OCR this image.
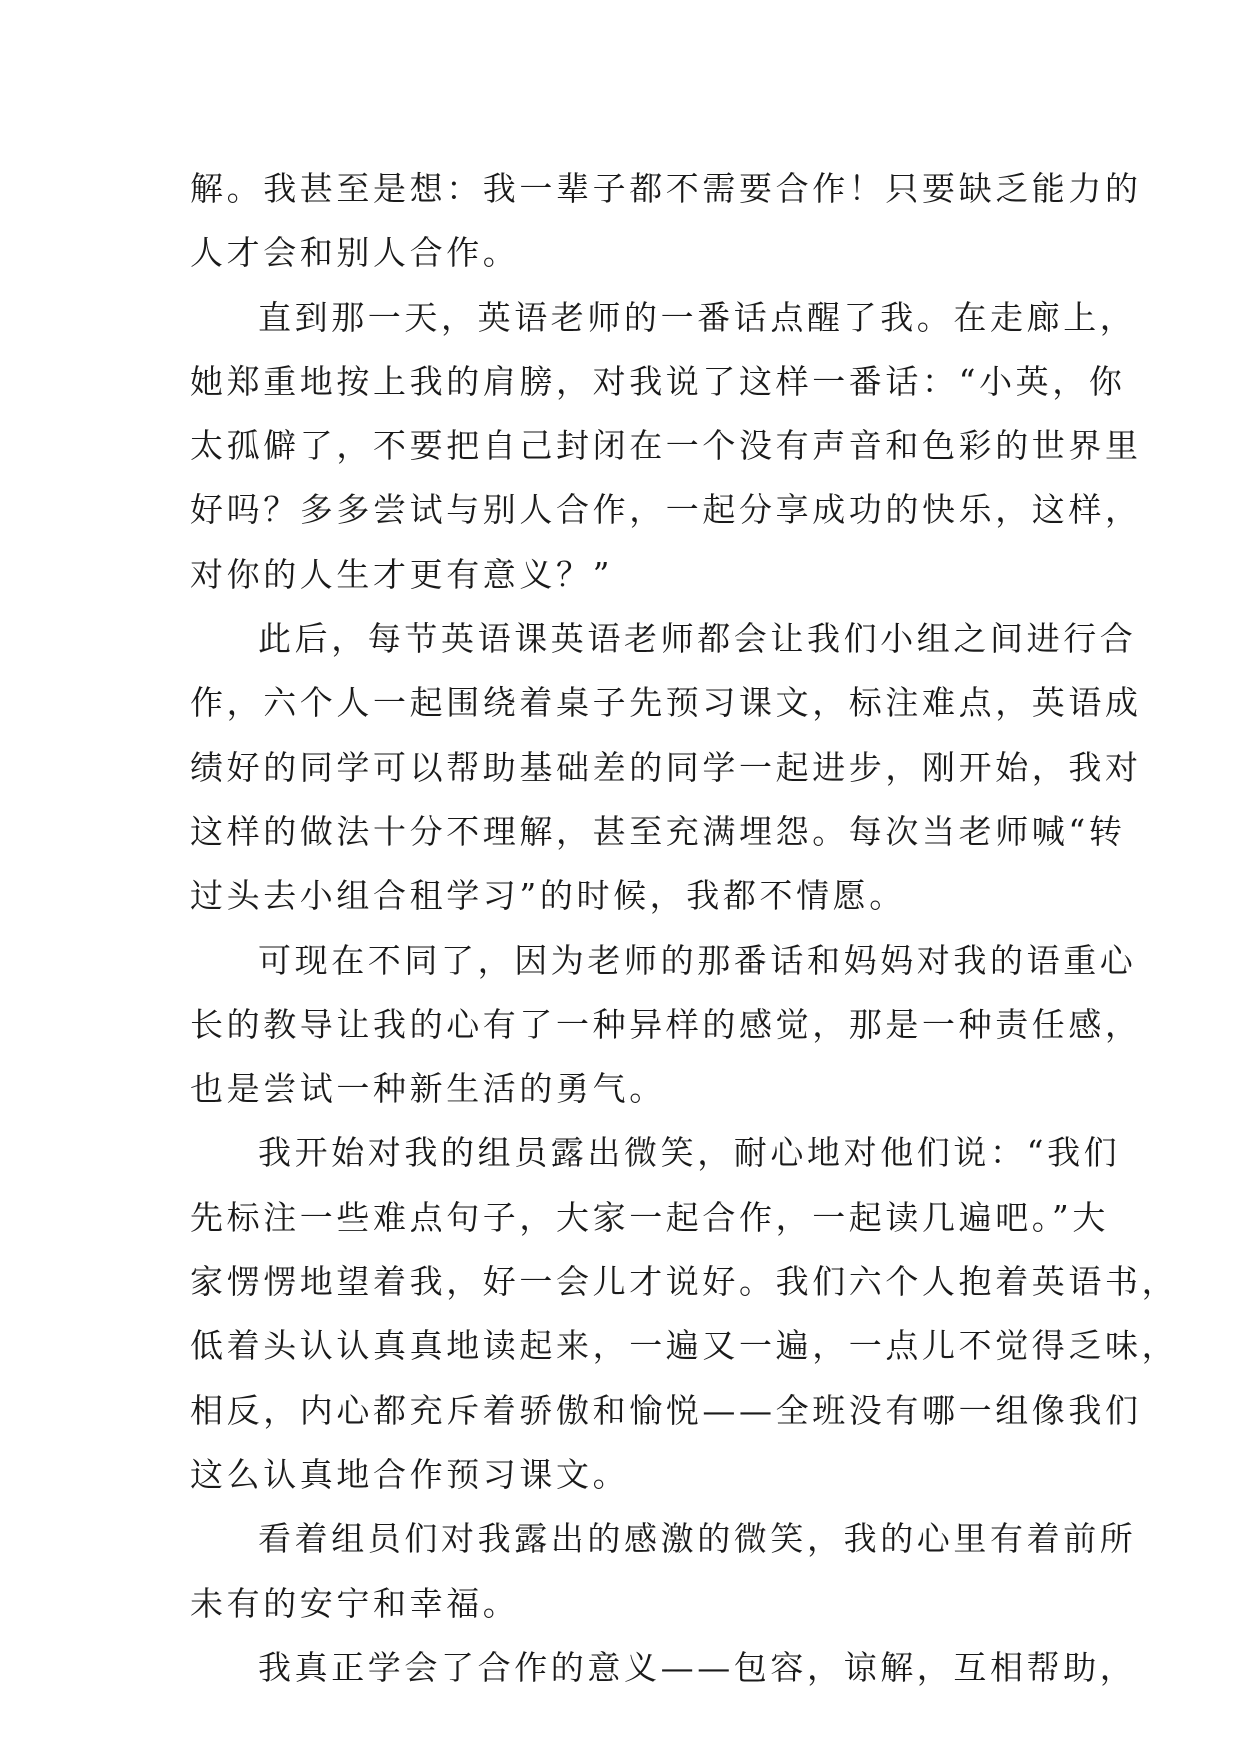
解。我甚至是想：我一辈子都不需要合作！只要缺乏能力的
人才会和别人合作。
直到那一天，英语老师的一番话点醒了我。在走廊上，
她郑重地按上我的肩膀，对我说了这样一番话：“小英，你
太孤僻了，不要把自己封闭在一个没有声音和色彩的世界里
好吗？多多尝试与别人合作，一起分享成功的快乐，这样，
对你的人生才更有意义？”
此后，每节英语课英语老师都会让我们小组之间进行合
作，六个人一起围绕着桌子先预习课文，标注难点，英语成
绩好的同学可以帮助基础差的同学一起进步，刚开始，我对
这样的做法十分不理解，甚至充满埋怨。每次当老师喊“转
过头去小组合租学习”的时候，我都不情愿。
可现在不同了，因为老师的那番话和妈妈对我的语重心
长的教导让我的心有了一种异样的感觉，那是一种责任感，
也是尝试一种新生活的勇气。
我开始对我的组员露出微笑，耐心地对他们说：“我们
先标注一些难点句子，大家一起合作，一起读几遍吧。”大
家愣愣地望着我，好一会儿才说好。我们六个人抱着英语书，
低着头认认真真地读起来，一遍又一遍，一点儿不觉得乏味，
相反，内心都充斥着骄傲和愉悦——全班没有哪一组像我们
这么认真地合作预习课文。
看着组员们对我露出的感激的微笑，我的心里有着前所
未有的安宁和幸福。
我真正学会了合作的意义——包容，谅解，互相帮助，
